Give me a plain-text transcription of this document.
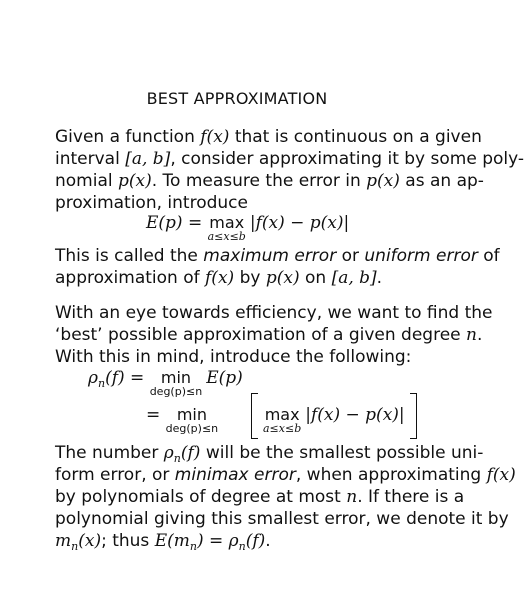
BEST APPROXIMATION
Given a function f(x) that is continuous on a given
interval [a, b], consider approximating it by some poly-
nomial p(x). To measure the error in p(x) as an ap-
proximation, introduce
E(p) = max
a≤x≤b
|f(x) − p(x)|
This is called the maximum error or uniform error of
approximation of f(x) by p(x) on [a, b].
With an eye towards efficiency, we want to find the
‘best’ possible approximation of a given degree n.
With this in mind, introduce the following:
$\rho_n(f) = \min$
deg(p)≤n
E(p)
= min
deg(p)≤n
max
a≤x≤b
|f(x) − p(x)|
The number $\rho_n(f)$ will be the smallest possible uni-
form error, or minimax error, when approximating f(x)
by polynomials of degree at most n. If there is a
polynomial giving this smallest error, we denote it by
$m_n(x)$; thus $E(m_n) = \rho_n(f)$.
